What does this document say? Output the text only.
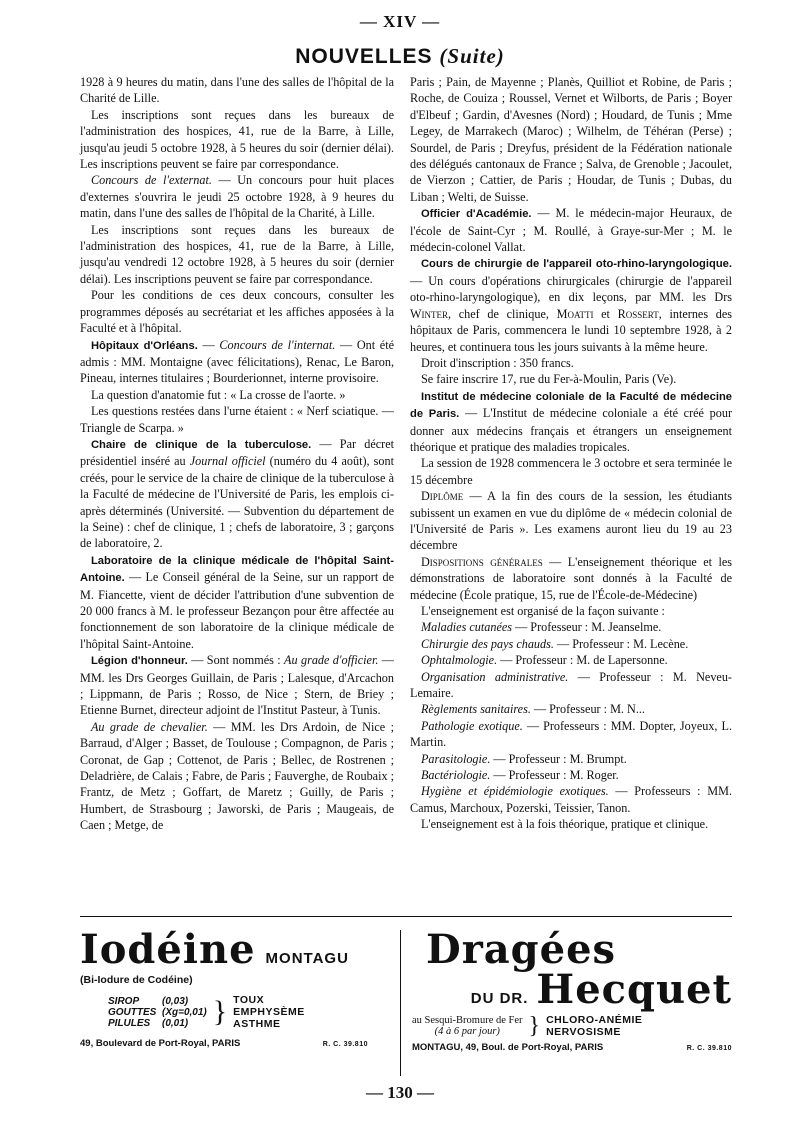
— XIV —
NOUVELLES (Suite)

1928 à 9 heures du matin, dans l'une des salles de l'hôpital de la Charité de Lille.

Les inscriptions sont reçues dans les bureaux de l'administration des hospices, 41, rue de la Barre, à Lille, jusqu'au jeudi 5 octobre 1928, à 5 heures du soir (dernier délai). Les inscriptions peuvent se faire par correspondance.

Concours de l'externat. — Un concours pour huit places d'externes s'ouvrira le jeudi 25 octobre 1928, à 9 heures du matin, dans l'une des salles de l'hôpital de la Charité, à Lille.

Les inscriptions sont reçues dans les bureaux de l'administration des hospices, 41, rue de la Barre, à Lille, jusqu'au vendredi 12 octobre 1928, à 5 heures du soir (dernier délai). Les inscriptions peuvent se faire par correspondance.

Pour les conditions de ces deux concours, consulter les programmes déposés au secrétariat et les affiches apposées à la Faculté et à l'hôpital.

Hôpitaux d'Orléans. — Concours de l'internat. — Ont été admis : MM. Montaigne (avec félicitations), Renac, Le Baron, Pineau, internes titulaires ; Bourderionnet, interne provisoire.

La question d'anatomie fut : « La crosse de l'aorte. »

Les questions restées dans l'urne étaient : « Nerf sciatique. — Triangle de Scarpa. »

Chaire de clinique de la tuberculose. — Par décret présidentiel inséré au Journal officiel (numéro du 4 août), sont créés, pour le service de la chaire de clinique de la tuberculose à la Faculté de médecine de l'Université de Paris, les emplois ci-après déterminés (Université. — Subvention du département de la Seine) : chef de clinique, 1 ; chefs de laboratoire, 3 ; garçons de laboratoire, 2.

Laboratoire de la clinique médicale de l'hôpital Saint-Antoine. — Le Conseil général de la Seine, sur un rapport de M. Fiancette, vient de décider l'attribution d'une subvention de 20 000 francs à M. le professeur Bezançon pour être affectée au fonctionnement de son laboratoire de la clinique médicale de l'hôpital Saint-Antoine.

Légion d'honneur. — Sont nommés : Au grade d'officier. — MM. les Drs Georges Guillain, de Paris ; Lalesque, d'Arcachon ; Lippmann, de Paris ; Rosso, de Nice ; Stern, de Briey ; Etienne Burnet, directeur adjoint de l'Institut Pasteur, à Tunis.

Au grade de chevalier. — MM. les Drs Ardoin, de Nice ; Barraud, d'Alger ; Basset, de Toulouse ; Compagnon, de Paris ; Coronat, de Gap ; Cottenot, de Paris ; Bellec, de Rostrenen ; Deladrière, de Calais ; Fabre, de Paris ; Fauverghe, de Roubaix ; Frantz, de Metz ; Goffart, de Maretz ; Guilly, de Paris ; Humbert, de Strasbourg ; Jaworski, de Paris ; Maugeais, de Caen ; Metge, de

Paris ; Pain, de Mayenne ; Planès, Quilliot et Robine, de Paris ; Roche, de Couiza ; Roussel, Vernet et Wilborts, de Paris ; Boyer d'Elbeuf ; Gardin, d'Avesnes (Nord) ; Houdard, de Tunis ; Mme Legey, de Marrakech (Maroc) ; Wilhelm, de Téhéran (Perse) ; Sourdel, de Paris ; Dreyfus, président de la Fédération nationale des délégués cantonaux de France ; Salva, de Grenoble ; Jacoulet, de Vierzon ; Cattier, de Paris ; Houdar, de Tunis ; Dubas, du Liban ; Welti, de Suisse.

Officier d'Académie. — M. le médecin-major Heuraux, de l'école de Saint-Cyr ; M. Roullé, à Graye-sur-Mer ; M. le médecin-colonel Vallat.

Cours de chirurgie de l'appareil oto-rhino-laryngologique. — Un cours d'opérations chirurgicales (chirurgie de l'appareil oto-rhino-laryngologique), en dix leçons, par MM. les Drs Winter, chef de clinique, Moatti et Rossert, internes des hôpitaux de Paris, commencera le lundi 10 septembre 1928, à 2 heures, et continuera tous les jours suivants à la même heure.

Droit d'inscription : 350 francs.

Se faire inscrire 17, rue du Fer-à-Moulin, Paris (Ve).

Institut de médecine coloniale de la Faculté de médecine de Paris. — L'Institut de médecine coloniale a été créé pour donner aux médecins français et étrangers un enseignement théorique et pratique des maladies tropicales.

La session de 1928 commencera le 3 octobre et sera terminée le 15 décembre

Diplôme — A la fin des cours de la session, les étudiants subissent un examen en vue du diplôme de « médecin colonial de l'Université de Paris ». Les examens auront lieu du 19 au 23 décembre

Dispositions générales — L'enseignement théorique et les démonstrations de laboratoire sont donnés à la Faculté de médecine (École pratique, 15, rue de l'École-de-Médecine)

L'enseignement est organisé de la façon suivante :

Maladies cutanées — Professeur : M. Jeanselme.

Chirurgie des pays chauds. — Professeur : M. Lecène.

Ophtalmologie. — Professeur : M. de Lapersonne.

Organisation administrative. — Professeur : M. Neveu-Lemaire.

Règlements sanitaires. — Professeur : M. N...

Pathologie exotique. — Professeurs : MM. Dopter, Joyeux, L. Martin.

Parasitologie. — Professeur : M. Brumpt.

Bactériologie. — Professeur : M. Roger.

Hygiène et épidémiologie exotiques. — Professeurs : MM. Camus, Marchoux, Pozerski, Teissier, Tanon.

L'enseignement est à la fois théorique, pratique et clinique.

Iodéine MONTAGU
(Bi-Iodure de Codéine)
SIROP (0,03)
GOUTTES (Xg=0,01)
PILULES (0,01) } TOUX
EMPHYSÈME
ASTHME
49, Boulevard de Port-Royal, PARIS	R. C. 39.810
Dragées
DU DR. Hecquet
au Sesqui-Bromure de Fer
(4 à 6 par jour)	} CHLORO-ANÉMIE
NERVOSISME
MONTAGU, 49, Boul. de Port-Royal, PARIS	R. C. 39.810
— 130 —
